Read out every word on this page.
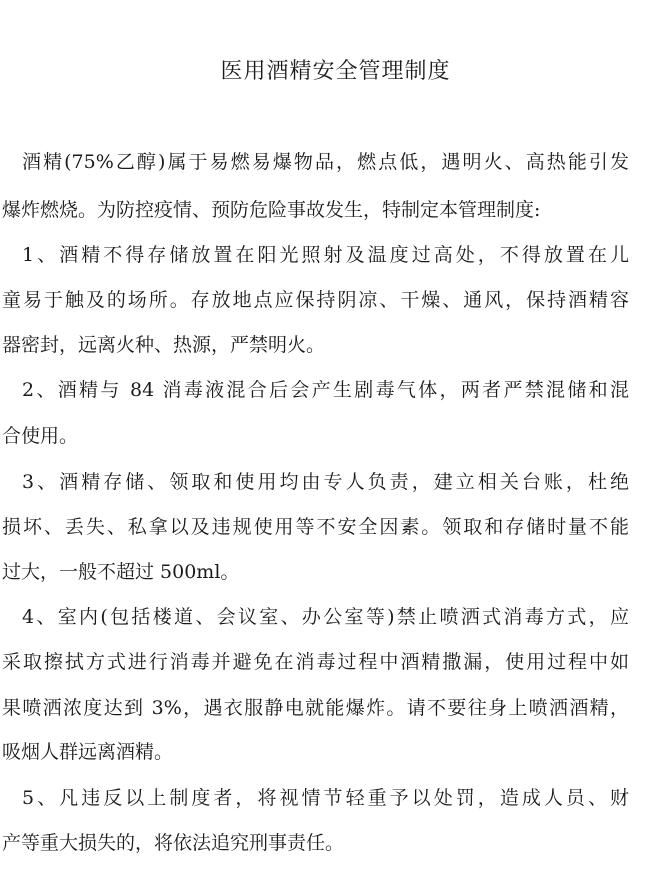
医用酒精安全管理制度
酒精(75%乙醇)属于易燃易爆物品，燃点低，遇明火、高热能引发
爆炸燃烧。为防控疫情、预防危险事故发生，特制定本管理制度:
1、酒精不得存储放置在阳光照射及温度过高处，不得放置在儿
童易于触及的场所。存放地点应保持阴凉、干燥、通风，保持酒精容
器密封，远离火种、热源，严禁明火。
2、酒精与 84 消毒液混合后会产生剧毒气体，两者严禁混储和混
合使用。
3、酒精存储、领取和使用均由专人负责，建立相关台账，杜绝
损坏、丢失、私拿以及违规使用等不安全因素。领取和存储时量不能
过大，一般不超过 500ml。
4、室内(包括楼道、会议室、办公室等)禁止喷洒式消毒方式，应
采取擦拭方式进行消毒并避免在消毒过程中酒精撒漏，使用过程中如
果喷洒浓度达到 3%，遇衣服静电就能爆炸。请不要往身上喷洒酒精，
吸烟人群远离酒精。
5、凡违反以上制度者，将视情节轻重予以处罚，造成人员、财
产等重大损失的，将依法追究刑事责任。
